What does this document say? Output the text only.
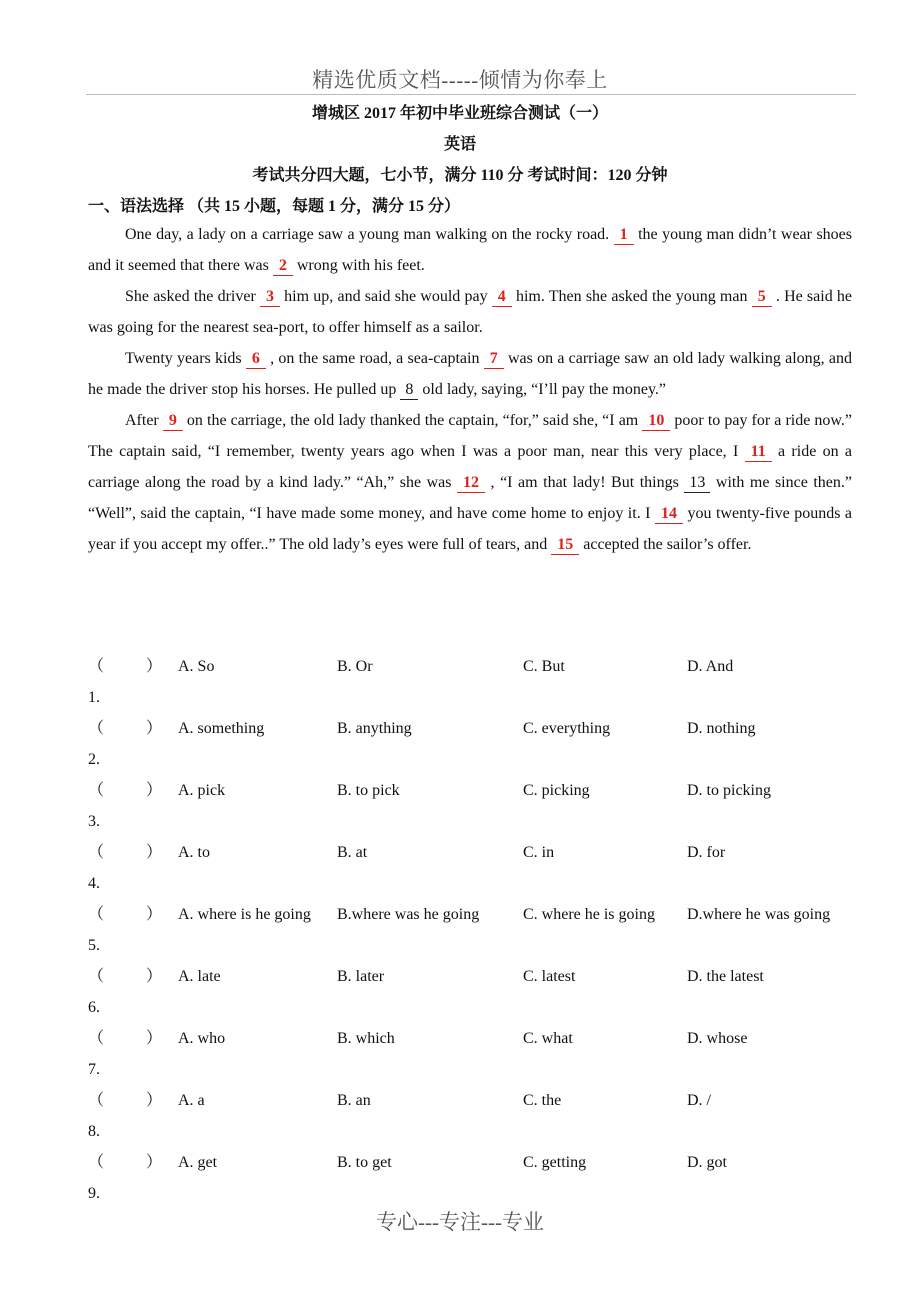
精选优质文档-----倾情为你奉上
增城区 2017 年初中毕业班综合测试（一）
英语
考试共分四大题，七小节，满分 110 分 考试时间：120 分钟
一、语法选择 （共 15 小题，每题 1 分，满分 15 分）

One day, a lady on a carriage saw a young man walking on the rocky road. 1 the young man didn’t wear shoes and it seemed that there was 2 wrong with his feet.

She asked the driver 3 him up, and said she would pay 4 him. Then she asked the young man 5 . He said he was going for the nearest sea-port, to offer himself as a sailor.

Twenty years kids 6 , on the same road, a sea-captain 7 was on a carriage saw an old lady walking along, and he made the driver stop his horses. He pulled up 8 old lady, saying, “I’ll pay the money.”

After 9 on the carriage, the old lady thanked the captain, “for,” said she, “I am 10 poor to pay for a ride now.” The captain said, “I remember, twenty years ago when I was a poor man, near this very place, I 11 a ride on a carriage along the road by a kind lady.” “Ah,” she was 12 , “I am that lady! But things 13 with me since then.” “Well”, said the captain, “I have made some money, and have come home to enjoy it. I 14 you twenty-five pounds a year if you accept my offer..” The old lady’s eyes were full of tears, and 15 accepted the sailor’s offer.

（	）
1.
A. So	B. Or	C. But	D. And
（	）
2.
A. something	B. anything	C. everything	D. nothing
（	）
3.
A. pick	B. to pick	C. picking	D. to picking
（	）
4.
A. to	B. at	C. in	D. for
（	）
5.
A. where is he going	B.where was he going	C. where he is going	D.where he was going
（	）
6.
A. late	B. later	C. latest	D. the latest
（	）
7.
A. who	B. which	C. what	D. whose
（	）
8.
A. a	B. an	C. the	D. /
（	）
9.
A. get	B. to get	C. getting	D. got
专心---专注---专业
